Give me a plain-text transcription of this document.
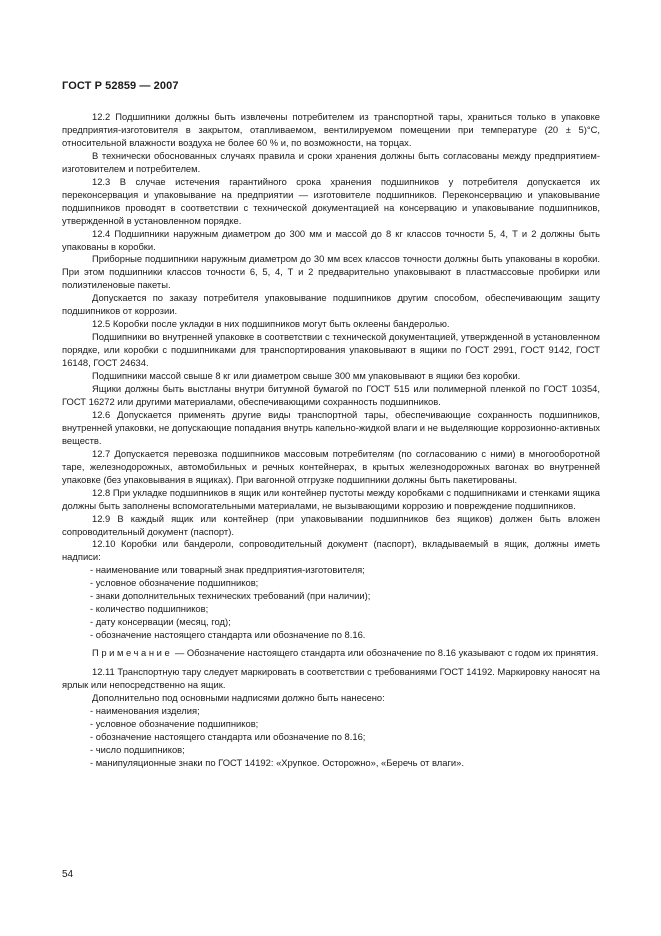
ГОСТ Р 52859 — 2007

12.2 Подшипники должны быть извлечены потребителем из транспортной тары, храниться только в упаковке предприятия-изготовителя в закрытом, отапливаемом, вентилируемом помещении при температуре (20 ± 5)°С, относительной влажности воздуха не более 60 % и, по возможности, на торцах.

В технически обоснованных случаях правила и сроки хранения должны быть согласованы между предприятием-изготовителем и потребителем.

12.3 В случае истечения гарантийного срока хранения подшипников у потребителя допускается их переконсервация и упаковывание на предприятии — изготовителе подшипников. Переконсервацию и упаковывание подшипников проводят в соответствии с технической документацией на консервацию и упаковывание подшипников, утвержденной в установленном порядке.

12.4 Подшипники наружным диаметром до 300 мм и массой до 8 кг классов точности 5, 4, Т и 2 должны быть упакованы в коробки.

Приборные подшипники наружным диаметром до 30 мм всех классов точности должны быть упакованы в коробки. При этом подшипники классов точности 6, 5, 4, Т и 2 предварительно упаковывают в пластмассовые пробирки или полиэтиленовые пакеты.

Допускается по заказу потребителя упаковывание подшипников другим способом, обеспечивающим защиту подшипников от коррозии.

12.5 Коробки после укладки в них подшипников могут быть оклеены бандеролью.

Подшипники во внутренней упаковке в соответствии с технической документацией, утвержденной в установленном порядке, или коробки с подшипниками для транспортирования упаковывают в ящики по ГОСТ 2991, ГОСТ 9142, ГОСТ 16148, ГОСТ 24634.

Подшипники массой свыше 8 кг или диаметром свыше 300 мм упаковывают в ящики без коробки.

Ящики должны быть выстланы внутри битумной бумагой по ГОСТ 515 или полимерной пленкой по ГОСТ 10354, ГОСТ 16272 или другими материалами, обеспечивающими сохранность подшипников.

12.6 Допускается применять другие виды транспортной тары, обеспечивающие сохранность подшипников, внутренней упаковки, не допускающие попадания внутрь капельно-жидкой влаги и не выделяющие коррозионно-активных веществ.

12.7 Допускается перевозка подшипников массовым потребителям (по согласованию с ними) в многооборотной таре, железнодорожных, автомобильных и речных контейнерах, в крытых железнодорожных вагонах во внутренней упаковке (без упаковывания в ящиках). При вагонной отгрузке подшипники должны быть пакетированы.

12.8 При укладке подшипников в ящик или контейнер пустоты между коробками с подшипниками и стенками ящика должны быть заполнены вспомогательными материалами, не вызывающими коррозию и повреждение подшипников.

12.9 В каждый ящик или контейнер (при упаковывании подшипников без ящиков) должен быть вложен сопроводительный документ (паспорт).

12.10 Коробки или бандероли, сопроводительный документ (паспорт), вкладываемый в ящик, должны иметь надписи:

- наименование или товарный знак предприятия-изготовителя;

- условное обозначение подшипников;

- знаки дополнительных технических требований (при наличии);

- количество подшипников;

- дату консервации (месяц, год);

- обозначение настоящего стандарта или обозначение по 8.16.

Примечание — Обозначение настоящего стандарта или обозначение по 8.16 указывают с годом их принятия.

12.11 Транспортную тару следует маркировать в соответствии с требованиями ГОСТ 14192. Маркировку наносят на ярлык или непосредственно на ящик.

Дополнительно под основными надписями должно быть нанесено:

- наименования изделия;

- условное обозначение подшипников;

- обозначение настоящего стандарта или обозначение по 8.16;

- число подшипников;

- манипуляционные знаки по ГОСТ 14192: «Хрупкое. Осторожно», «Беречь от влаги».

54
